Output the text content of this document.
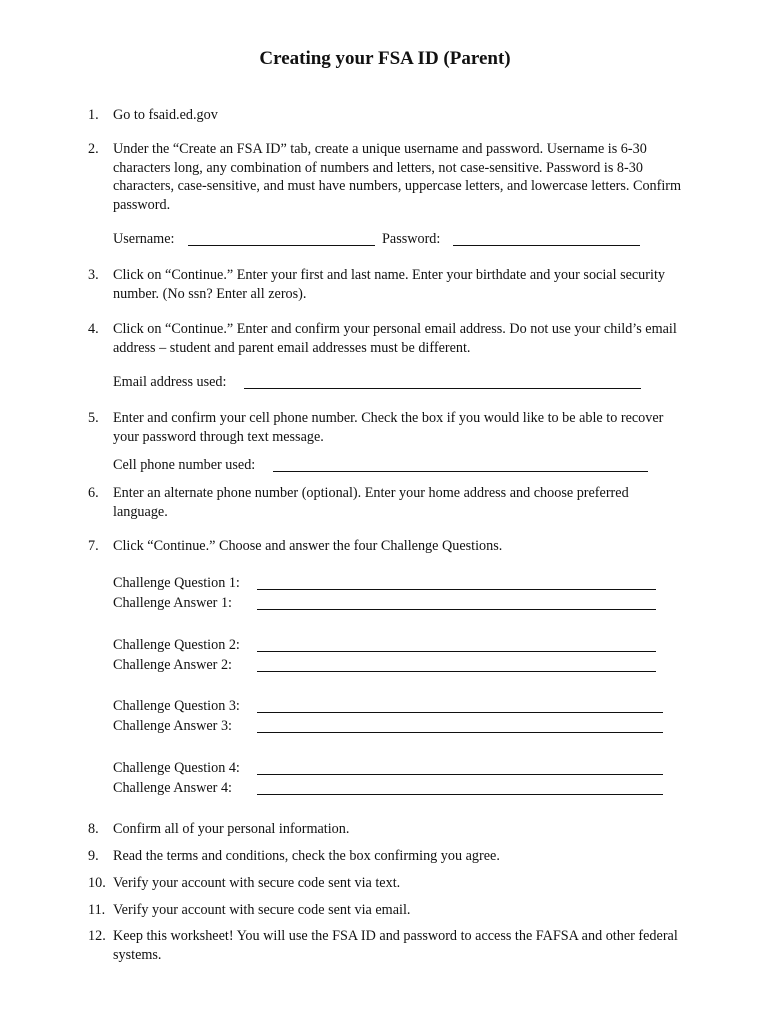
Creating your FSA ID (Parent)
1. Go to fsaid.ed.gov
2. Under the “Create an FSA ID” tab, create a unique username and password. Username is 6-30 characters long, any combination of numbers and letters, not case-sensitive. Password is 8-30 characters, case-sensitive, and must have numbers, uppercase letters, and lowercase letters. Confirm password.
Username:	Password:
3. Click on “Continue.” Enter your first and last name. Enter your birthdate and your social security number. (No ssn? Enter all zeros).
4. Click on “Continue.” Enter and confirm your personal email address. Do not use your child’s email address – student and parent email addresses must be different.
Email address used:
5. Enter and confirm your cell phone number. Check the box if you would like to be able to recover your password through text message.
Cell phone number used:
6. Enter an alternate phone number (optional). Enter your home address and choose preferred language.
7. Click “Continue.” Choose and answer the four Challenge Questions.
Challenge Question 1:
Challenge Answer 1:
Challenge Question 2:
Challenge Answer 2:
Challenge Question 3:
Challenge Answer 3:
Challenge Question 4:
Challenge Answer 4:
8. Confirm all of your personal information.
9. Read the terms and conditions, check the box confirming you agree.
10. Verify your account with secure code sent via text.
11. Verify your account with secure code sent via email.
12. Keep this worksheet! You will use the FSA ID and password to access the FAFSA and other federal systems.
